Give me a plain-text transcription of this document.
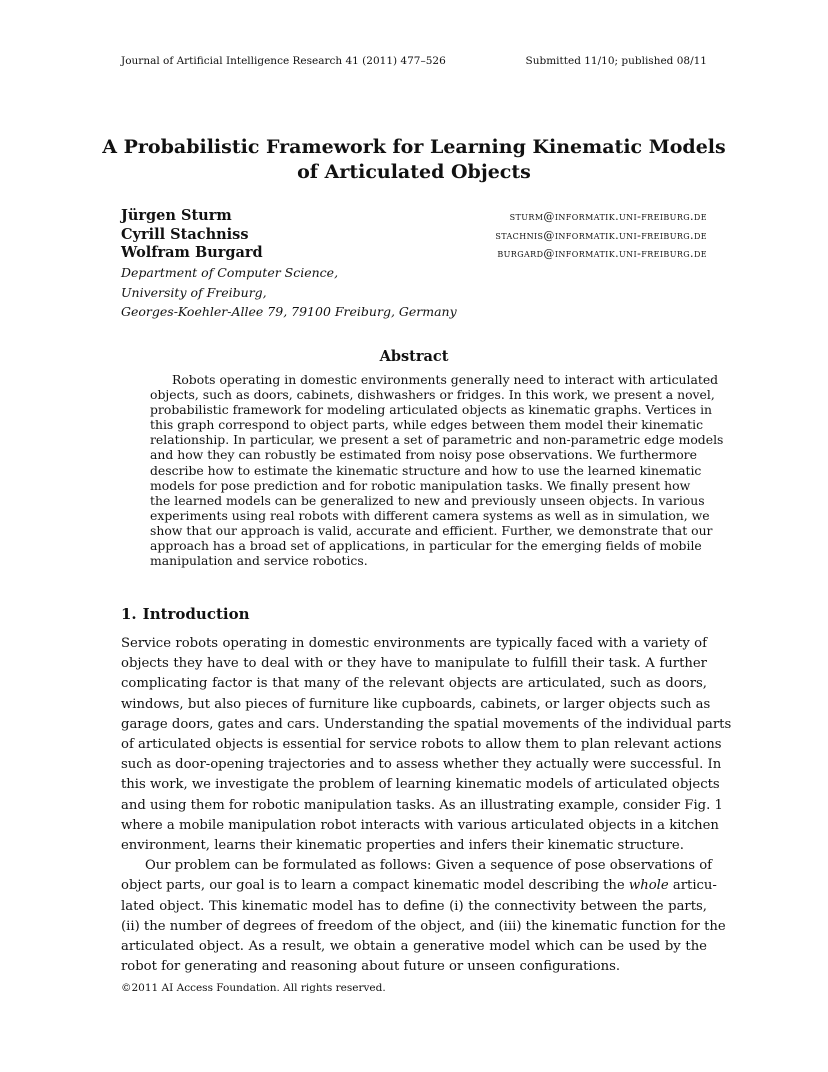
Journal of Artificial Intelligence Research 41 (2011) 477–526	Submitted 11/10; published 08/11
A Probabilistic Framework for Learning Kinematic Models
of Articulated Objects
Jürgen Sturm	sturm@informatik.uni-freiburg.de
Cyrill Stachniss	stachnis@informatik.uni-freiburg.de
Wolfram Burgard	burgard@informatik.uni-freiburg.de
Department of Computer Science,
University of Freiburg,
Georges-Koehler-Allee 79, 79100 Freiburg, Germany
Abstract
Robots operating in domestic environments generally need to interact with articulated
objects, such as doors, cabinets, dishwashers or fridges. In this work, we present a novel,
probabilistic framework for modeling articulated objects as kinematic graphs. Vertices in
this graph correspond to object parts, while edges between them model their kinematic
relationship. In particular, we present a set of parametric and non-parametric edge models
and how they can robustly be estimated from noisy pose observations. We furthermore
describe how to estimate the kinematic structure and how to use the learned kinematic
models for pose prediction and for robotic manipulation tasks. We finally present how
the learned models can be generalized to new and previously unseen objects. In various
experiments using real robots with different camera systems as well as in simulation, we
show that our approach is valid, accurate and efficient. Further, we demonstrate that our
approach has a broad set of applications, in particular for the emerging fields of mobile
manipulation and service robotics.
1. Introduction
Service robots operating in domestic environments are typically faced with a variety of
objects they have to deal with or they have to manipulate to fulfill their task. A further
complicating factor is that many of the relevant objects are articulated, such as doors,
windows, but also pieces of furniture like cupboards, cabinets, or larger objects such as
garage doors, gates and cars. Understanding the spatial movements of the individual parts
of articulated objects is essential for service robots to allow them to plan relevant actions
such as door-opening trajectories and to assess whether they actually were successful. In
this work, we investigate the problem of learning kinematic models of articulated objects
and using them for robotic manipulation tasks. As an illustrating example, consider Fig. 1
where a mobile manipulation robot interacts with various articulated objects in a kitchen
environment, learns their kinematic properties and infers their kinematic structure.
Our problem can be formulated as follows: Given a sequence of pose observations of
object parts, our goal is to learn a compact kinematic model describing the whole articu-
lated object. This kinematic model has to define (i) the connectivity between the parts,
(ii) the number of degrees of freedom of the object, and (iii) the kinematic function for the
articulated object. As a result, we obtain a generative model which can be used by the
robot for generating and reasoning about future or unseen configurations.
©2011 AI Access Foundation. All rights reserved.
